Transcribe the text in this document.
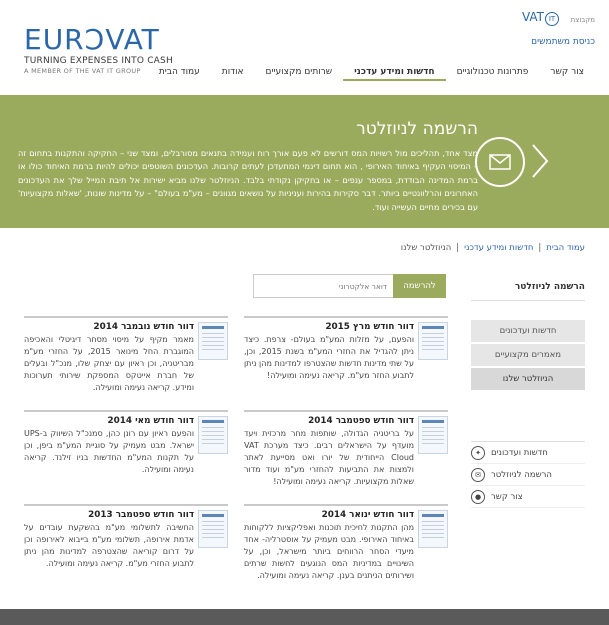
EURƆVAT
TURNING EXPENSES INTO CASH
A MEMBER OF THE VAT IT GROUP
VAT IT	מקבוצת
כניסת משתמשים
עמוד הבית	אודות	שרותים מקצועיים	חדשות ומידע עדכני	פתרונות טכנולוגיים	צור קשר
הרשמה לניוזלטר
מצד אחד, תהליכים מול רשויות המס דורשים לא פעם אורך רוח ועמידה בתנאים מסורבלים, ומצד שני – החקיקה והתקנות בתחום זה – המיסוי העקיף באיחוד האירופי , הוא תחום דינמי המתעדכן לעתים קרובות. העדכונים השוטפים יכולים להיות ברמת האיחוד כולו או ברמת המדינה הבודדת, במספר ענפים – או בחקיקן נקודתי בלבד. הניוזלטר שלנו מביא ישירות אל תיבת המייל שלך את העדכונים האחרונים והרלוונטיים ביותר. דבר סקירות בהירות ועניניות על נושאים מגוונים – מע"מ בעולם" – על מדינות שונות, 'שאלות מקצועיות' עם בכירים מחיים העשייה ועוד.
עמוד הבית
|
חדשות ומידע עדכני
|
הניוזלטר שלנו
דואר אלקטרוני
להרשמה	הרשמה לניוזלטר
חדשות ועדכונים
מאמרים מקצועיים
הניוזלטר שלנו
✦	חדשות ועדכונים
✉	הרשמה לניוזלטר
●	צור קשר
דוור חודש מרץ 2015
והפעם, על מזלות המע"מ בעולם- צרפת. כיצד ניתן להגדיל את החזרי המע"מ בשנת 2015, וכן, על שתי מדינות חדשות שהצטרפו למדינות מהן ניתן לתבוע החזר מע"מ. קריאה נעימה ומועילה!
דוור חודש נובמבר 2014
מאמר מקיף על מיסוי מסחר דיגיטלי והאכיפה המוגברת החל מינואר 2015, על החזרי מע"מ מבריטניה, וכן ראיון עם יצחק שלו, מנכ"ל ובעלים של חברת אייטקס המספקת שירותי תערוכות ומידע. קריאה נעימה ומועילה.
דוור חודש ספטמבר 2014
על בריטניה הגדולה, שותפות מחר מרכזית ויעד מועדף על הישראלים רבים. כיצד מערכת VAT Cloud הייחודית של יורו ואט מסייעת לאתר ולמצות את התביעות להחזרי מע"מ ועוד מדור שאלות מקצועיות. קריאה נעימה ומועילה!
דוור חודש מאי 2014
והפעם ראיון עם רונן כהן, סמנכ"ל השיווק ב-UPS ישראל. מבט מעמיק על סוגיית המע"מ ביפן, וכן על תקנות המע"מ החדשות בניו זילנד. קריאה נעימה ומועילה.
דוור חודש ינואר 2014
מהן התקנות לחיכית תוכנות ואפליקציות ללקוחות באיחוד האירופי. מבט מעמיק על אוסטרליה- אחד מיעדי הסחר הרווחים ביותר מישראל, וכן, על השינויים במדיניות המס הנוגעים לחשות שרתים ושירותים הניתנים בענן. קריאה נעימה ומועילה.
דוור חודש ספטמבר 2013
החשיבה לתשלומי מע"מ בהשקעת עובדים על אדמת אירופה, תשלומי מע"מ בייבוא לאירופה וכן על דרום קוריאה שהצטרפה למדינות מהן ניתן לתבוע החזרי מע"מ. קריאה נעימה ומועילה.
